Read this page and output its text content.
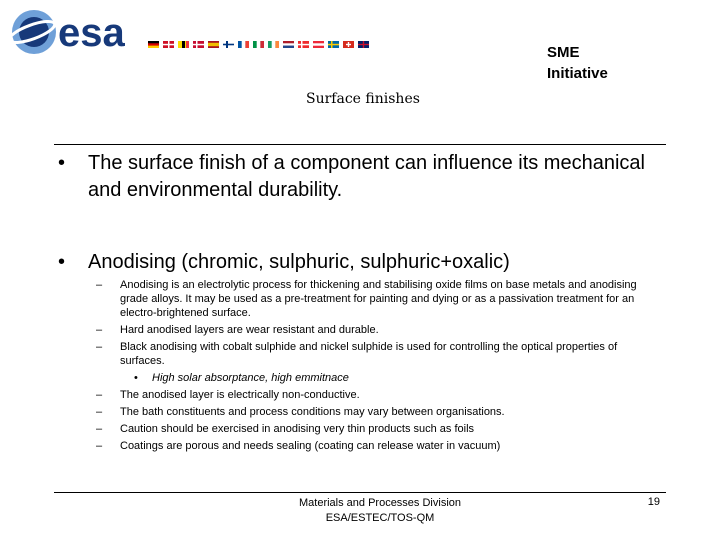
esa	SME
Initiative
Surface finishes
• The surface finish of a component can influence its mechanical and environmental durability.
• Anodising (chromic, sulphuric, sulphuric+oxalic)
– Anodising is an electrolytic process for thickening and stabilising oxide films on base metals and anodising grade alloys. It may be used as a pre-treatment for painting and dying or as a passivation treatment for an electro-brightened surface.
– Hard anodised layers are wear resistant and durable.
– Black anodising with cobalt sulphide and nickel sulphide is used for controlling the optical properties of surfaces.
• High solar absorptance, high emmitnace
– The anodised layer is electrically non-conductive.
– The bath constituents and process conditions may vary between organisations.
– Caution should be exercised in anodising very thin products such as foils
– Coatings are porous and needs sealing (coating can release water in vacuum)
Materials and Processes Division
ESA/ESTEC/TOS-QM
19
